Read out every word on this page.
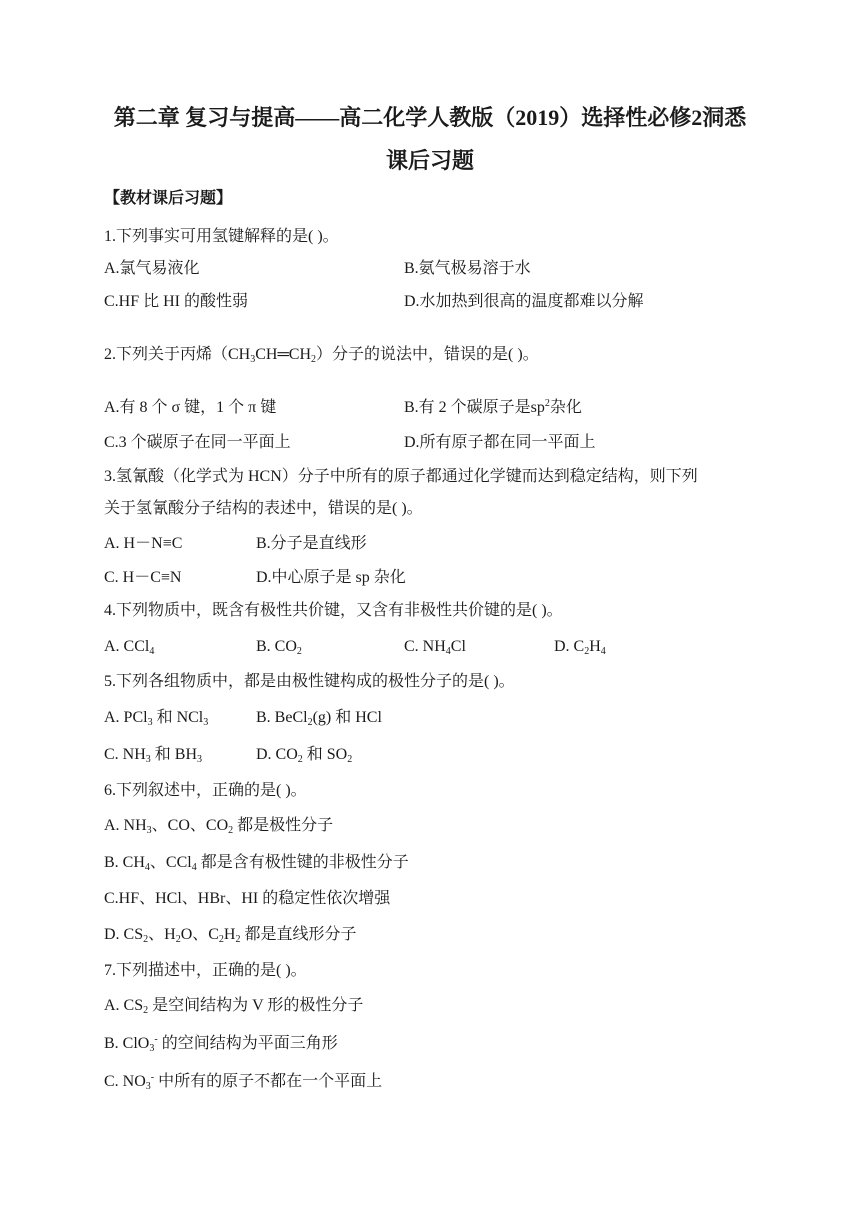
第二章 复习与提高——高二化学人教版（2019）选择性必修2洞悉
课后习题
【教材课后习题】
1.下列事实可用氢键解释的是( )。
A.氯气易液化	B.氨气极易溶于水
C.HF 比 HI 的酸性弱	D.水加热到很高的温度都难以分解
2.下列关于丙烯$(CH_3CH═CH_2)$分子的说法中，错误的是( )。
A.有 8 个 σ 键，1 个 π 键	B.有 2 个碳原子是$sp^2$杂化
C.3 个碳原子在同一平面上	D.所有原子都在同一平面上
3.氢氰酸（化学式为 HCN）分子中所有的原子都通过化学键而达到稳定结构，则下列
关于氢氰酸分子结构的表述中，错误的是( )。
A. H－N≡C	B.分子是直线形
C. H－C≡N	D.中心原子是 sp 杂化
4.下列物质中，既含有极性共价键，又含有非极性共价键的是( )。
A. CCl$_4$	B. $CO_2$	C. $NH_4Cl$	D. $C_2H_4$
5.下列各组物质中，都是由极性键构成的极性分子的是( )。
A. PCl$_3$ 和 NCl$_3$	B. BeCl$_2$(g) 和 HCl
C. $NH_3$ 和 $BH_3$	D. $CO_2$ 和 $SO_2$
6.下列叙述中，正确的是( )。
A. $NH_3$、CO、$CO_2$ 都是极性分子
B. $CH_4$、CCl$_4$ 都是含有极性键的非极性分子
C.HF、HCl、HBr、HI 的稳定性依次增强
D. $CS_2$、$H_2O$、$C_2H_2$ 都是直线形分子
7.下列描述中，正确的是( )。
A. $CS_2$ 是空间结构为 V 形的极性分子
B. ClO$_3$- 的空间结构为平面三角形
C. $NO_3^-$ 中所有的原子不都在一个平面上
